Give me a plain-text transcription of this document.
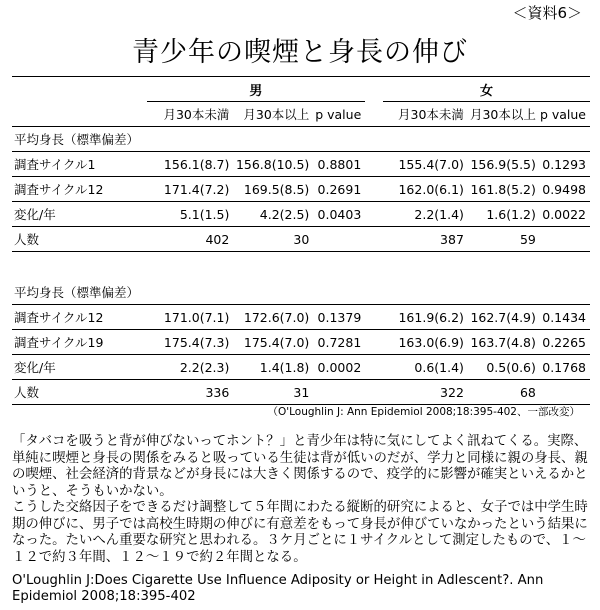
＜資料6＞
青少年の喫煙と身長の伸び
	男				女		
	月30本未満	月30本以上	p value		月30本未満	月30本以上	p value
平均身長（標準偏差）							
調査サイクル1	156.1(8.7)	156.8(10.5)	0.8801		155.4(7.0)	156.9(5.5)	0.1293
調査サイクル12	171.4(7.2)	169.5(8.5)	0.2691		162.0(6.1)	161.8(5.2)	0.9498
変化/年	5.1(1.5)	4.2(2.5)	0.0403		2.2(1.4)	1.6(1.2)	0.0022
人数	402	30			387	59	

平均身長（標準偏差）							
調査サイクル12	171.0(7.1)	172.6(7.0)	0.1379		161.9(6.2)	162.7(4.9)	0.1434
調査サイクル19	175.4(7.3)	175.4(7.0)	0.7281		163.0(6.9)	163.7(4.8)	0.2265
変化/年	2.2(2.3)	1.4(1.8)	0.0002		0.6(1.4)	0.5(0.6)	0.1768
人数	336	31			322	68	
（O'Loughlin J: Ann Epidemiol 2008;18:395-402、一部改変）

「タバコを吸うと背が伸びないってホント？」と青少年は特に気にしてよく訊ねてくる。実際、単純に喫煙と身長の関係をみると吸っている生徒は背が低いのだが、学力と同様に親の身長、親の喫煙、社会経済的背景などが身長には大きく関係するので、疫学的に影響が確実といえるかというと、そうもいかない。

こうした交絡因子をできるだけ調整して５年間にわたる縦断的研究によると、女子では中学生時期の伸びに、男子では高校生時期の伸びに有意差をもって身長が伸びていなかったという結果になった。たいへん重要な研究と思われる。３ケ月ごとに１サイクルとして測定したもので、１～１２で約３年間、１２～１９で約２年間となる。

O'Loughlin J:Does Cigarette Use Influence Adiposity or Height in Adlescent?. Ann Epidemiol 2008;18:395-402
